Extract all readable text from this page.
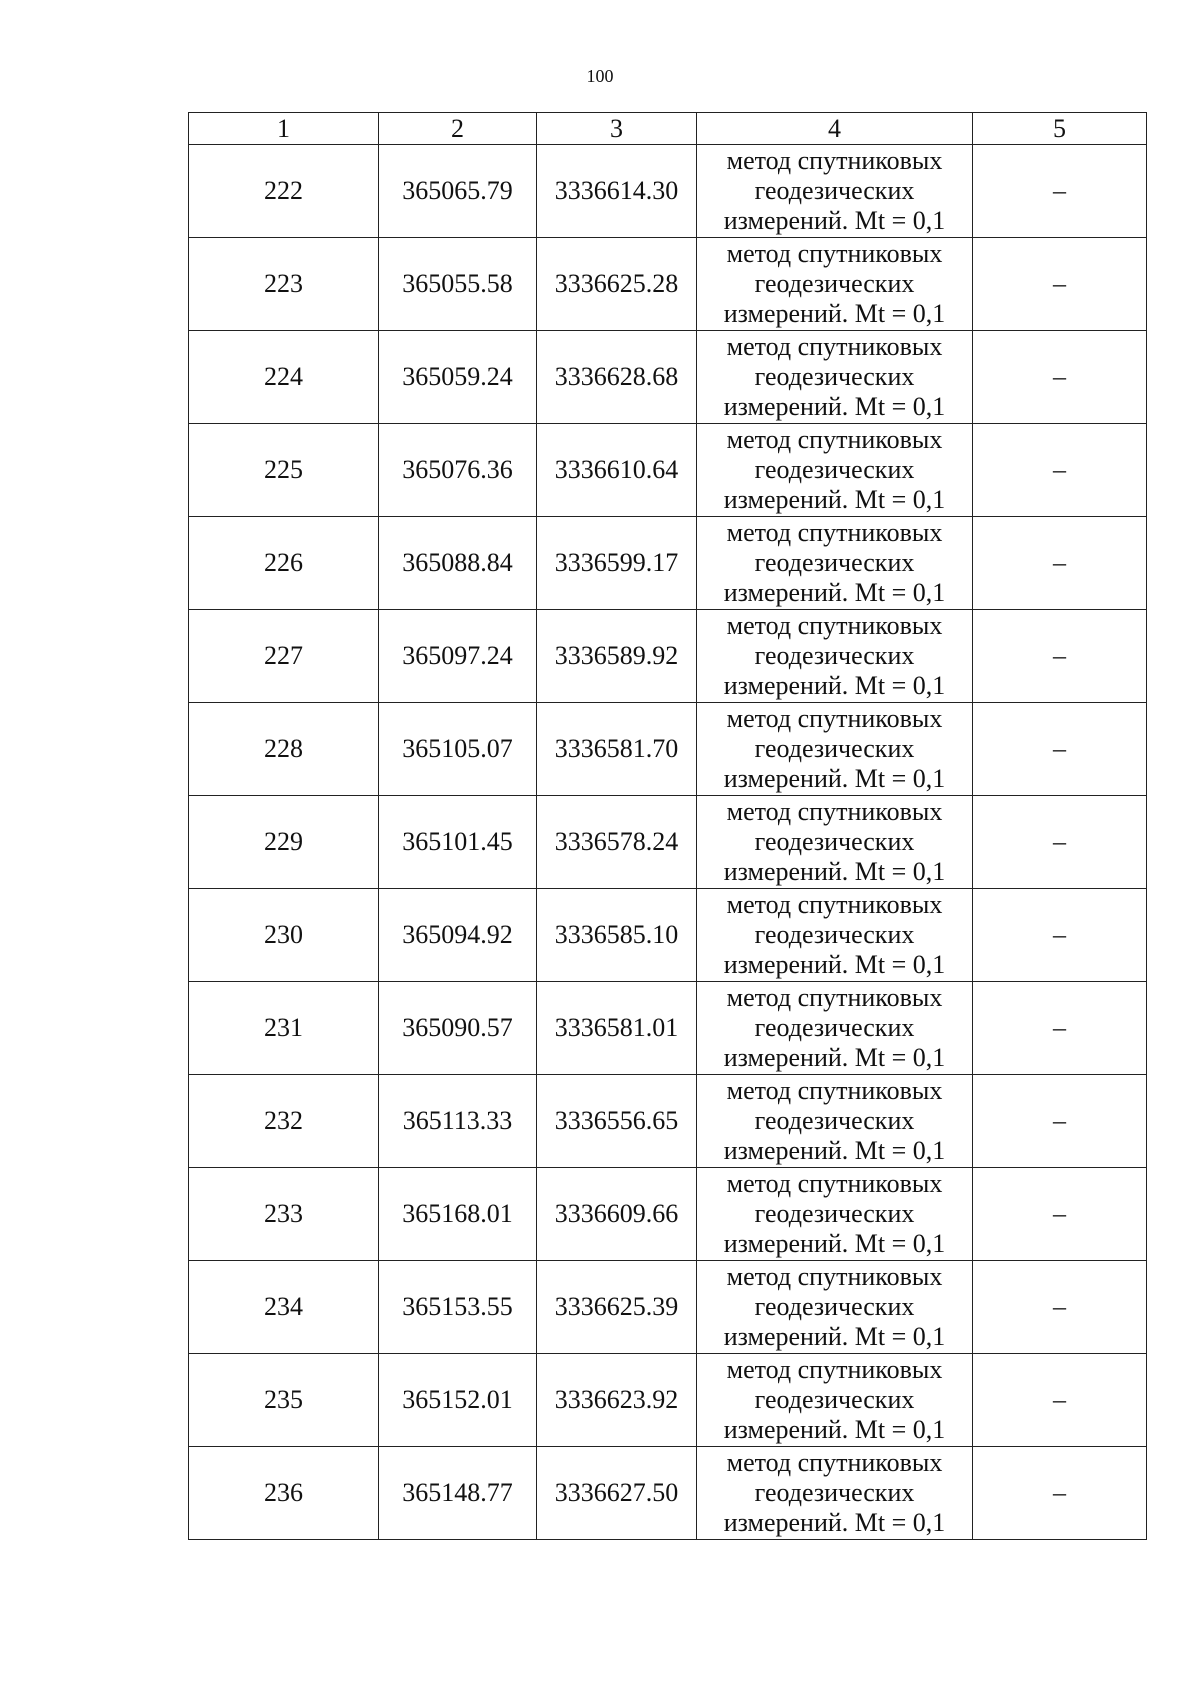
100
1	2	3	4	5
222	365065.79	3336614.30	метод спутниковых
геодезических
измерений. Mt = 0,1	–
223	365055.58	3336625.28	метод спутниковых
геодезических
измерений. Mt = 0,1	–
224	365059.24	3336628.68	метод спутниковых
геодезических
измерений. Mt = 0,1	–
225	365076.36	3336610.64	метод спутниковых
геодезических
измерений. Mt = 0,1	–
226	365088.84	3336599.17	метод спутниковых
геодезических
измерений. Mt = 0,1	–
227	365097.24	3336589.92	метод спутниковых
геодезических
измерений. Mt = 0,1	–
228	365105.07	3336581.70	метод спутниковых
геодезических
измерений. Mt = 0,1	–
229	365101.45	3336578.24	метод спутниковых
геодезических
измерений. Mt = 0,1	–
230	365094.92	3336585.10	метод спутниковых
геодезических
измерений. Mt = 0,1	–
231	365090.57	3336581.01	метод спутниковых
геодезических
измерений. Mt = 0,1	–
232	365113.33	3336556.65	метод спутниковых
геодезических
измерений. Mt = 0,1	–
233	365168.01	3336609.66	метод спутниковых
геодезических
измерений. Mt = 0,1	–
234	365153.55	3336625.39	метод спутниковых
геодезических
измерений. Mt = 0,1	–
235	365152.01	3336623.92	метод спутниковых
геодезических
измерений. Mt = 0,1	–
236	365148.77	3336627.50	метод спутниковых
геодезических
измерений. Mt = 0,1	–
